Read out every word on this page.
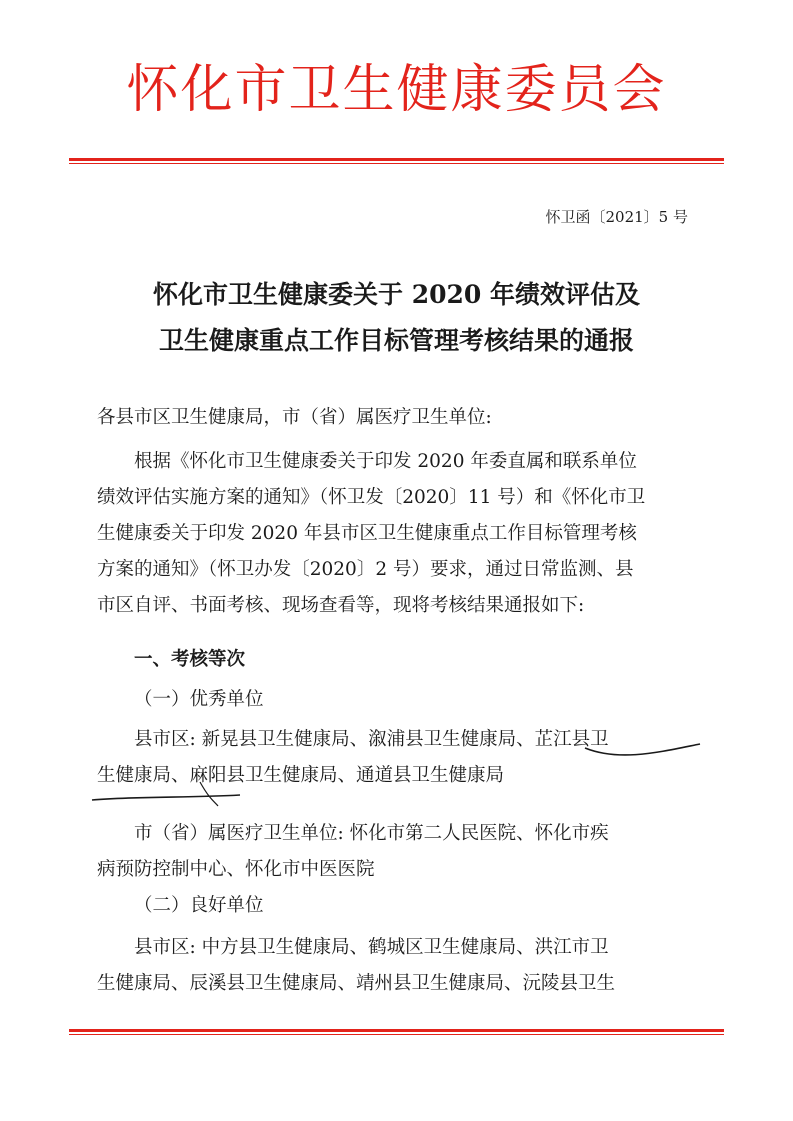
怀化市卫生健康委员会
怀卫函〔2021〕5 号
怀化市卫生健康委关于 2020 年绩效评估及
卫生健康重点工作目标管理考核结果的通报

各县市区卫生健康局，市（省）属医疗卫生单位:

根据《怀化市卫生健康委关于印发 2020 年委直属和联系单位
绩效评估实施方案的通知》（怀卫发〔2020〕11 号）和《怀化市卫
生健康委关于印发 2020 年县市区卫生健康重点工作目标管理考核
方案的通知》（怀卫办发〔2020〕2 号）要求，通过日常监测、县
市区自评、书面考核、现场查看等，现将考核结果通报如下:
一、考核等次
（一）优秀单位
县市区: 新晃县卫生健康局、溆浦县卫生健康局、芷江县卫
生健康局、麻阳县卫生健康局、通道县卫生健康局
市（省）属医疗卫生单位: 怀化市第二人民医院、怀化市疾
病预防控制中心、怀化市中医医院
（二）良好单位
县市区: 中方县卫生健康局、鹤城区卫生健康局、洪江市卫
生健康局、辰溪县卫生健康局、靖州县卫生健康局、沅陵县卫生
